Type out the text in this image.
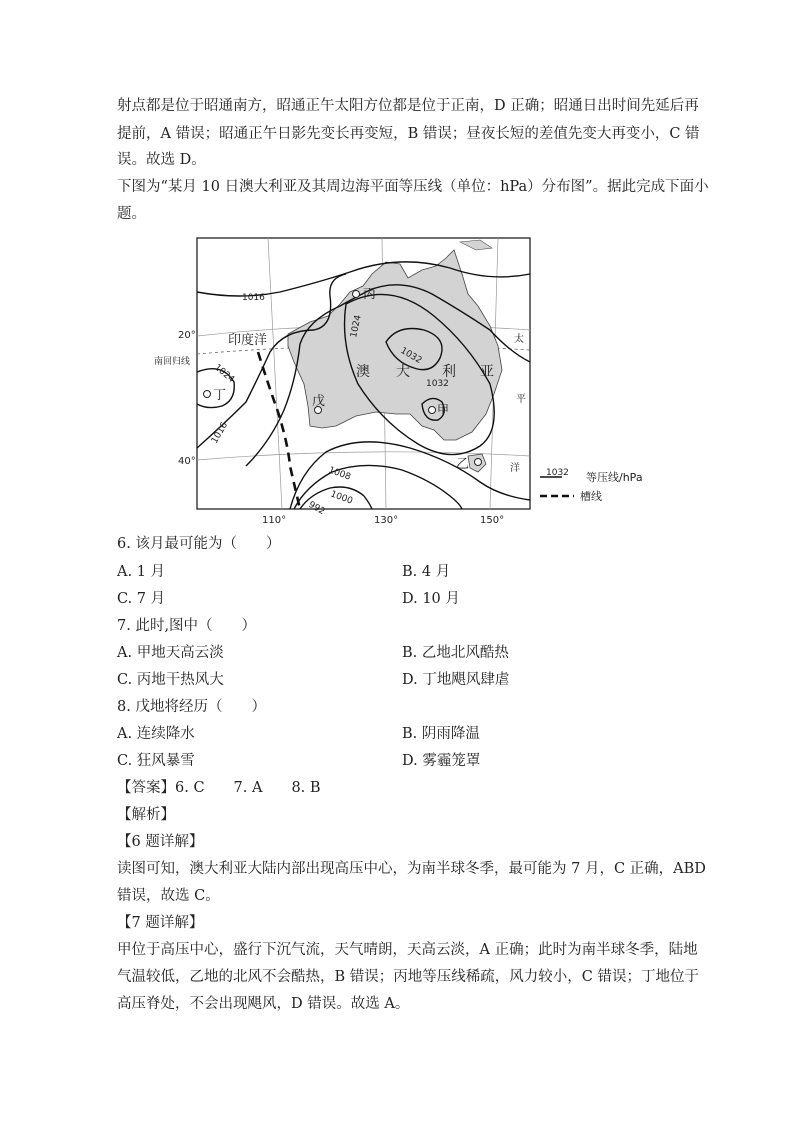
射点都是位于昭通南方，昭通正午太阳方位都是位于正南，D 正确；昭通日出时间先延后再
提前，A 错误；昭通正午日影先变长再变短，B 错误；昼夜长短的差值先变大再变小，C 错
误。故选 D。
下图为“某月 10 日澳大利亚及其周边海平面等压线（单位：hPa）分布图”。据此完成下面小
题。
20°
南回归线
40°
110°	130°	150°
丙
甲
乙
丁	戊
印度洋
澳 大 利 亚
太
平
洋
1016
1024
1032
1032
1024
1016
1008
1000
992
1032 等压线/hPa
槽线
6. 该月最可能为（　　）
A. 1 月	B. 4 月
C. 7 月	D. 10 月
7. 此时,图中（　　）
A. 甲地天高云淡	B. 乙地北风酷热
C. 丙地干热风大	D. 丁地飓风肆虐
8. 戊地将经历（　　）
A. 连续降水	B. 阴雨降温
C. 狂风暴雪	D. 雾霾笼罩
【答案】6. C　　7. A　　8. B
【解析】
【6 题详解】
读图可知，澳大利亚大陆内部出现高压中心，为南半球冬季，最可能为 7 月，C 正确，ABD
错误，故选 C。
【7 题详解】
甲位于高压中心，盛行下沉气流，天气晴朗，天高云淡，A 正确；此时为南半球冬季，陆地
气温较低，乙地的北风不会酷热，B 错误；丙地等压线稀疏，风力较小，C 错误；丁地位于
高压脊处，不会出现飓风，D 错误。故选 A。
